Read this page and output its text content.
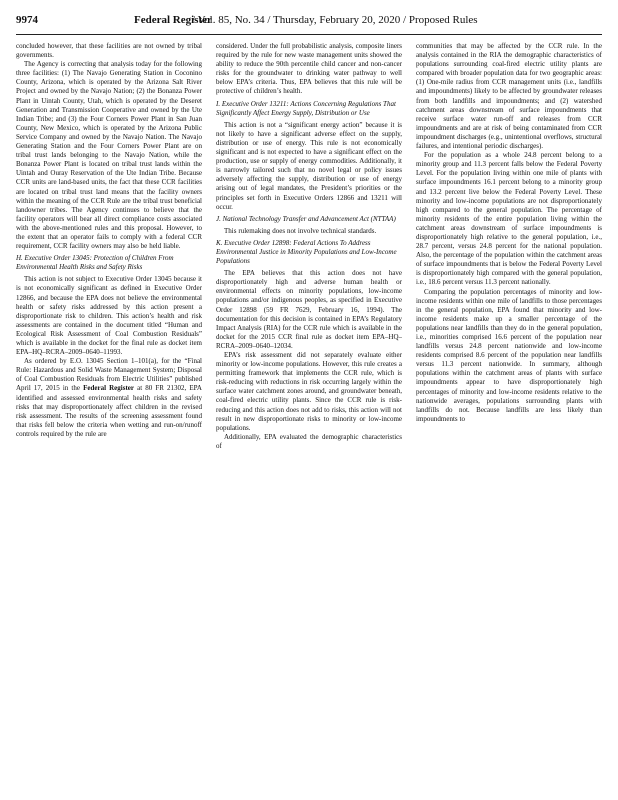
9974	Federal Register
/ Vol. 85, No. 34 / Thursday, February 20, 2020 / Proposed Rules

concluded however, that these facilities are not owned by tribal governments.

The Agency is correcting that analysis today for the following three facilities: (1) The Navajo Generating Station in Coconino County, Arizona, which is operated by the Arizona Salt River Project and owned by the Navajo Nation; (2) the Bonanza Power Plant in Uintah County, Utah, which is operated by the Deseret Generation and Transmission Cooperative and owned by the Ute Indian Tribe; and (3) the Four Corners Power Plant in San Juan County, New Mexico, which is operated by the Arizona Public Service Company and owned by the Navajo Nation. The Navajo Generating Station and the Four Corners Power Plant are on tribal trust lands belonging to the Navajo Nation, while the Bonanza Power Plant is located on tribal trust lands within the Uintah and Ouray Reservation of the Ute Indian Tribe. Because CCR units are land-based units, the fact that these CCR facilities are located on tribal trust land means that the facility owners within the meaning of the CCR Rule are the tribal trust beneficial landowner tribes. The Agency continues to believe that the facility operators will bear all direct compliance costs associated with the above-mentioned rules and this proposal. However, to the extent that an operator fails to comply with a federal CCR requirement, CCR facility owners may also be held liable.

H. Executive Order 13045: Protection of Children From Environmental Health Risks and Safety Risks

This action is not subject to Executive Order 13045 because it is not economically significant as defined in Executive Order 12866, and because the EPA does not believe the environmental health or safety risks addressed by this action present a disproportionate risk to children. This action’s health and risk assessments are contained in the document titled “Human and Ecological Risk Assessment of Coal Combustion Residuals” which is available in the docket for the final rule as docket item EPA–HQ–RCRA–2009–0640–11993.

As ordered by E.O. 13045 Section 1–101(a), for the “Final Rule: Hazardous and Solid Waste Management System; Disposal of Coal Combustion Residuals from Electric Utilities” published April 17, 2015 in the Federal Register at 80 FR 21302, EPA identified and assessed environmental health risks and safety risks that may disproportionately affect children in the revised risk assessment. The results of the screening assessment found that risks fell below the criteria when wetting and run-on/runoff controls required by the rule are

considered. Under the full probabilistic analysis, composite liners required by the rule for new waste management units showed the ability to reduce the 90th percentile child cancer and non-cancer risks for the groundwater to drinking water pathway to well below EPA’s criteria. Thus, EPA believes that this rule will be protective of children’s health.

I. Executive Order 13211: Actions Concerning Regulations That Significantly Affect Energy Supply, Distribution or Use

This action is not a “significant energy action” because it is not likely to have a significant adverse effect on the supply, distribution or use of energy. This rule is not economically significant and is not expected to have a significant effect on the production, use or supply of energy commodities. Additionally, it is narrowly tailored such that no novel legal or policy issues adversely affecting the supply, distribution or use of energy arising out of legal mandates, the President’s priorities or the principles set forth in Executive Orders 12866 and 13211 will occur.

J. National Technology Transfer and Advancement Act (NTTAA)

This rulemaking does not involve technical standards.

K. Executive Order 12898: Federal Actions To Address Environmental Justice in Minority Populations and Low-Income Populations

The EPA believes that this action does not have disproportionately high and adverse human health or environmental effects on minority populations, low-income populations and/or indigenous peoples, as specified in Executive Order 12898 (59 FR 7629, February 16, 1994). The documentation for this decision is contained in EPA’s Regulatory Impact Analysis (RIA) for the CCR rule which is available in the docket for the 2015 CCR final rule as docket item EPA–HQ–RCRA–2009–0640–12034.

EPA’s risk assessment did not separately evaluate either minority or low-income populations. However, this rule creates a permitting framework that implements the CCR rule, which is risk-reducing with reductions in risk occurring largely within the surface water catchment zones around, and groundwater beneath, coal-fired electric utility plants. Since the CCR rule is risk-reducing and this action does not add to risks, this action will not result in new disproportionate risks to minority or low-income populations.

Additionally, EPA evaluated the demographic characteristics of

communities that may be affected by the CCR rule. In the analysis contained in the RIA the demographic characteristics of populations surrounding coal-fired electric utility plants are compared with broader population data for two geographic areas: (1) One-mile radius from CCR management units (i.e., landfills and impoundments) likely to be affected by groundwater releases from both landfills and impoundments; and (2) watershed catchment areas downstream of surface impoundments that receive surface water run-off and releases from CCR impoundments and are at risk of being contaminated from CCR impoundment discharges (e.g., unintentional overflows, structural failures, and intentional periodic discharges).

For the population as a whole 24.8 percent belong to a minority group and 11.3 percent falls below the Federal Poverty Level. For the population living within one mile of plants with surface impoundments 16.1 percent belong to a minority group and 13.2 percent live below the Federal Poverty Level. These minority and low-income populations are not disproportionately high compared to the general population. The percentage of minority residents of the entire population living within the catchment areas downstream of surface impoundments is disproportionately high relative to the general population, i.e., 28.7 percent, versus 24.8 percent for the national population. Also, the percentage of the population within the catchment areas of surface impoundments that is below the Federal Poverty Level is disproportionately high compared with the general population, i.e., 18.6 percent versus 11.3 percent nationally.

Comparing the population percentages of minority and low-income residents within one mile of landfills to those percentages in the general population, EPA found that minority and low-income residents make up a smaller percentage of the populations near landfills than they do in the general population, i.e., minorities comprised 16.6 percent of the population near landfills versus 24.8 percent nationwide and low-income residents comprised 8.6 percent of the population near landfills versus 11.3 percent nationwide. In summary, although populations within the catchment areas of plants with surface impoundments appear to have disproportionately high percentages of minority and low-income residents relative to the nationwide averages, populations surrounding plants with landfills do not. Because landfills are less likely than impoundments to
